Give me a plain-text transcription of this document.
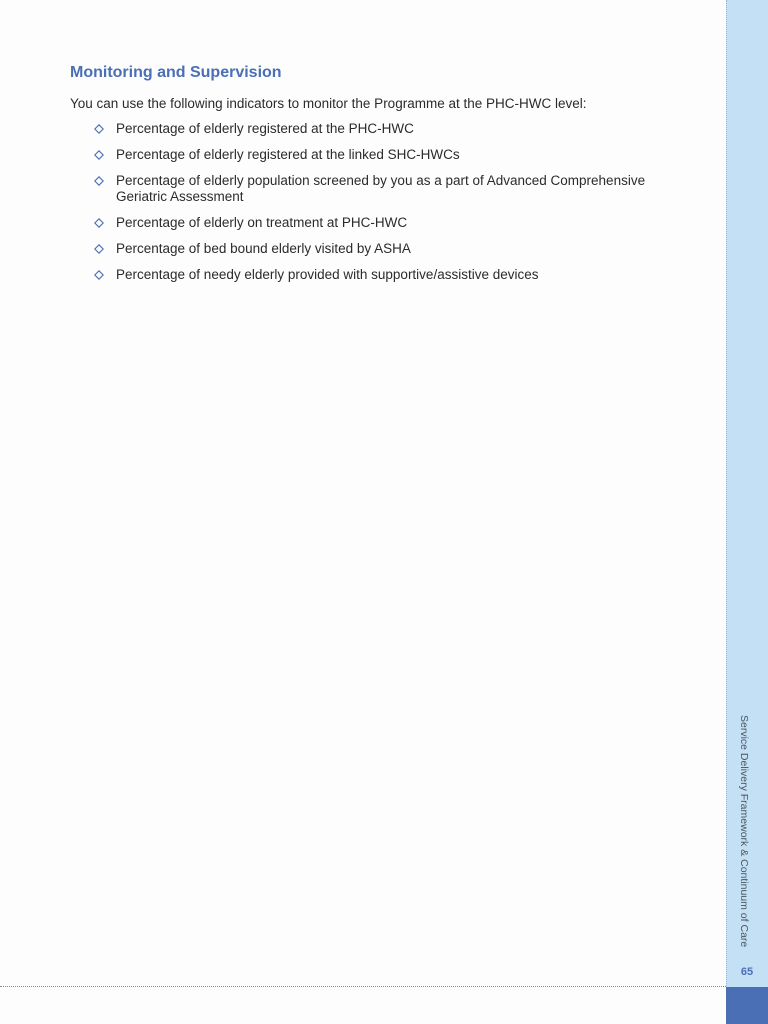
Monitoring and Supervision

You can use the following indicators to monitor the Programme at the PHC-HWC level:

Percentage of elderly registered at the PHC-HWC
Percentage of elderly registered at the linked SHC-HWCs
Percentage of elderly population screened by you as a part of Advanced Comprehensive Geriatric Assessment
Percentage of elderly on treatment at PHC-HWC
Percentage of bed bound elderly visited by ASHA
Percentage of needy elderly provided with supportive/assistive devices
Service Delivery Framework & Continuum of Care
65
